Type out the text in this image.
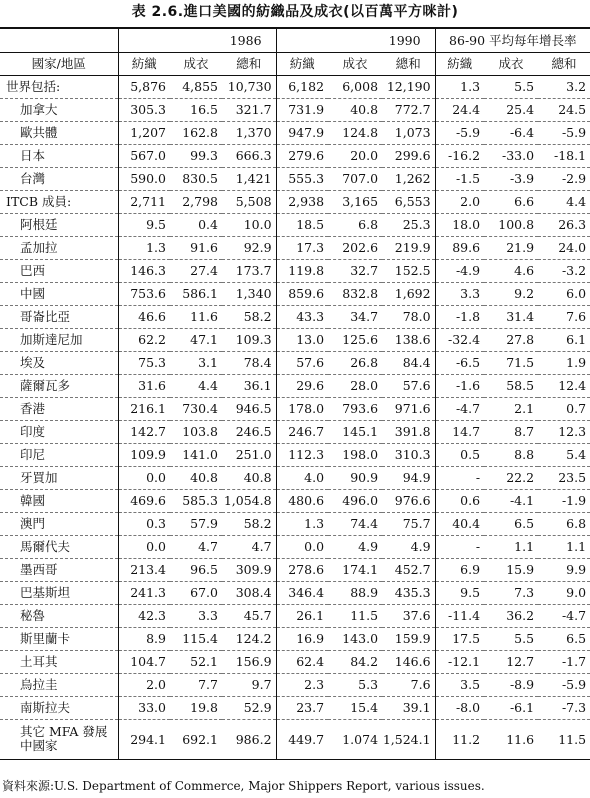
表 2.6.進口美國的紡織品及成衣(以百萬平方咪計)
	1986			1990			86-90 平均每年增長率		
國家/地區	紡織	成衣	總和	紡織	成衣	總和	紡織	成衣	總和
世界包括:	5,876	4,855	10,730	6,182	6,008	12,190	1.3	5.5	3.2
加拿大	305.3	16.5	321.7	731.9	40.8	772.7	24.4	25.4	24.5
歐共體	1,207	162.8	1,370	947.9	124.8	1,073	-5.9	-6.4	-5.9
日本	567.0	99.3	666.3	279.6	20.0	299.6	-16.2	-33.0	-18.1
台灣	590.0	830.5	1,421	555.3	707.0	1,262	-1.5	-3.9	-2.9
ITCB 成員:	2,711	2,798	5,508	2,938	3,165	6,553	2.0	6.6	4.4
阿根廷	9.5	0.4	10.0	18.5	6.8	25.3	18.0	100.8	26.3
孟加拉	1.3	91.6	92.9	17.3	202.6	219.9	89.6	21.9	24.0
巴西	146.3	27.4	173.7	119.8	32.7	152.5	-4.9	4.6	-3.2
中國	753.6	586.1	1,340	859.6	832.8	1,692	3.3	9.2	6.0
哥崙比亞	46.6	11.6	58.2	43.3	34.7	78.0	-1.8	31.4	7.6
加斯達尼加	62.2	47.1	109.3	13.0	125.6	138.6	-32.4	27.8	6.1
埃及	75.3	3.1	78.4	57.6	26.8	84.4	-6.5	71.5	1.9
薩爾瓦多	31.6	4.4	36.1	29.6	28.0	57.6	-1.6	58.5	12.4
香港	216.1	730.4	946.5	178.0	793.6	971.6	-4.7	2.1	0.7
印度	142.7	103.8	246.5	246.7	145.1	391.8	14.7	8.7	12.3
印尼	109.9	141.0	251.0	112.3	198.0	310.3	0.5	8.8	5.4
牙買加	0.0	40.8	40.8	4.0	90.9	94.9	-	22.2	23.5
韓國	469.6	585.3	1,054.8	480.6	496.0	976.6	0.6	-4.1	-1.9
澳門	0.3	57.9	58.2	1.3	74.4	75.7	40.4	6.5	6.8
馬爾代夫	0.0	4.7	4.7	0.0	4.9	4.9	-	1.1	1.1
墨西哥	213.4	96.5	309.9	278.6	174.1	452.7	6.9	15.9	9.9
巴基斯坦	241.3	67.0	308.4	346.4	88.9	435.3	9.5	7.3	9.0
秘魯	42.3	3.3	45.7	26.1	11.5	37.6	-11.4	36.2	-4.7
斯里蘭卡	8.9	115.4	124.2	16.9	143.0	159.9	17.5	5.5	6.5
土耳其	104.7	52.1	156.9	62.4	84.2	146.6	-12.1	12.7	-1.7
烏拉圭	2.0	7.7	9.7	2.3	5.3	7.6	3.5	-8.9	-5.9
南斯拉夫	33.0	19.8	52.9	23.7	15.4	39.1	-8.0	-6.1	-7.3
其它 MFA 發展中國家	294.1	692.1	986.2	449.7	1.074	1,524.1	11.2	11.6	11.5
資料來源:U.S. Department of Commerce, Major Shippers Report, various issues.
